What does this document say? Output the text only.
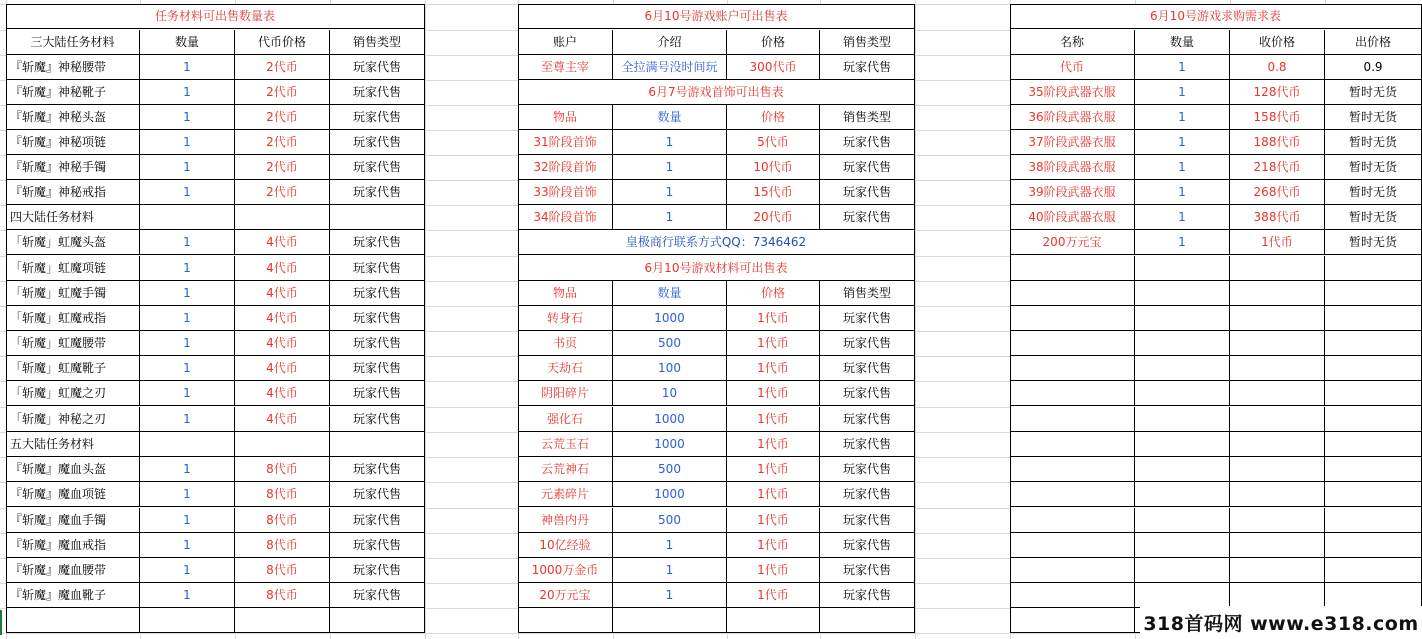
任务材料可出售数量表
三大陆任务材料	数量	代币价格	销售类型
『斩魔』神秘腰带	1	2代币	玩家代售
『斩魔』神秘靴子	1	2代币	玩家代售
『斩魔』神秘头盔	1	2代币	玩家代售
『斩魔』神秘项链	1	2代币	玩家代售
『斩魔』神秘手镯	1	2代币	玩家代售
『斩魔』神秘戒指	1	2代币	玩家代售
四大陆任务材料
「斩魔」虹魔头盔	1	4代币	玩家代售
「斩魔」虹魔项链	1	4代币	玩家代售
「斩魔」虹魔手镯	1	4代币	玩家代售
「斩魔」虹魔戒指	1	4代币	玩家代售
「斩魔」虹魔腰带	1	4代币	玩家代售
「斩魔」虹魔靴子	1	4代币	玩家代售
「斩魔」虹魔之刃	1	4代币	玩家代售
「斩魔」神秘之刃	1	4代币	玩家代售
五大陆任务材料
『斩魔』魔血头盔	1	8代币	玩家代售
『斩魔』魔血项链	1	8代币	玩家代售
『斩魔』魔血手镯	1	8代币	玩家代售
『斩魔』魔血戒指	1	8代币	玩家代售
『斩魔』魔血腰带	1	8代币	玩家代售
『斩魔』魔血靴子	1	8代币	玩家代售
6月10号游戏账户可出售表
账户	介绍	价格	销售类型
至尊主宰	全拉满号没时间玩	300代币	玩家代售
6月7号游戏首饰可出售表
物品	数量	价格	销售类型
31阶段首饰	1	5代币	玩家代售
32阶段首饰	1	10代币	玩家代售
33阶段首饰	1	15代币	玩家代售
34阶段首饰	1	20代币	玩家代售
皇极商行联系方式QQ：7346462
6月10号游戏材料可出售表
物品	数量	价格	销售类型
转身石	1000	1代币	玩家代售
书页	500	1代币	玩家代售
天劫石	100	1代币	玩家代售
阴阳碎片	10	1代币	玩家代售
强化石	1000	1代币	玩家代售
云荒玉石	1000	1代币	玩家代售
云荒神石	500	1代币	玩家代售
元素碎片	1000	1代币	玩家代售
神兽内丹	500	1代币	玩家代售
10亿经验	1	1代币	玩家代售
1000万金币	1	1代币	玩家代售
20万元宝	1	1代币	玩家代售
6月10号游戏求购需求表
名称	数量	收价格	出价格
代币	1	0.8	0.9
35阶段武器衣服	1	128代币	暂时无货
36阶段武器衣服	1	158代币	暂时无货
37阶段武器衣服	1	188代币	暂时无货
38阶段武器衣服	1	218代币	暂时无货
39阶段武器衣服	1	268代币	暂时无货
40阶段武器衣服	1	388代币	暂时无货
200万元宝	1	1代币	暂时无货
318首码网 www.e318.com
